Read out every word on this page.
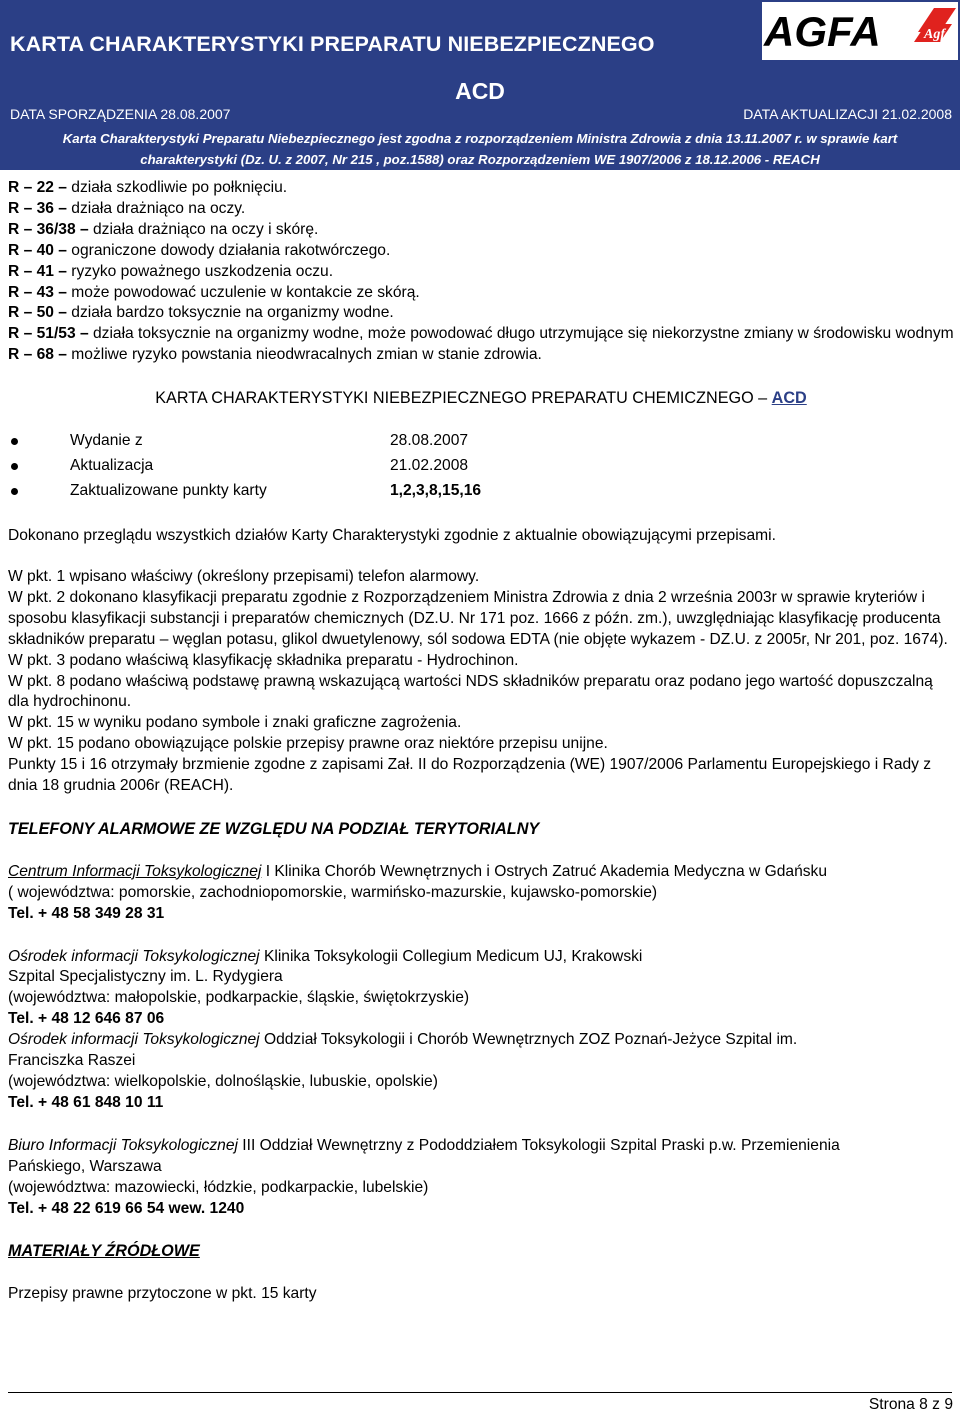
KARTA CHARAKTERYSTYKI PREPARATU NIEBEZPIECZNEGO
ACD
DATA SPORZĄDZENIA 28.08.2007	DATA AKTUALIZACJI 21.02.2008
Karta Charakterystyki Preparatu Niebezpiecznego jest zgodna z rozporządzeniem Ministra Zdrowia z dnia 13.11.2007 r. w sprawie kart
charakterystyki (Dz. U. z 2007, Nr 215 , poz.1588) oraz Rozporządzeniem WE 1907/2006 z 18.12.2006 - REACH
AGFA	Agfa
R – 22 – działa szkodliwie po połknięciu.
R – 36 – działa drażniąco na oczy.
R – 36/38 – działa drażniąco na oczy i skórę.
R – 40 – ograniczone dowody działania rakotwórczego.
R – 41 – ryzyko poważnego uszkodzenia oczu.
R – 43 – może powodować uczulenie w kontakcie ze skórą.
R – 50 – działa bardzo toksycznie na organizmy wodne.
R – 51/53 – działa toksycznie na organizmy wodne, może powodować długo utrzymujące się niekorzystne zmiany w środowisku wodnym
R – 68 – możliwe ryzyko powstania nieodwracalnych zmian w stanie zdrowia.
KARTA CHARAKTERYSTYKI NIEBEZPIECZNEGO PREPARATU CHEMICZNEGO – ACD
Wydanie z	28.08.2007
Aktualizacja	21.02.2008
Zaktualizowane punkty karty	1,2,3,8,15,16

Dokonano przeglądu wszystkich działów Karty Charakterystyki zgodnie z aktualnie obowiązującymi przepisami.

W pkt. 1 wpisano właściwy (określony przepisami) telefon alarmowy.

W pkt. 2 dokonano klasyfikacji preparatu zgodnie z Rozporządzeniem Ministra Zdrowia z dnia 2 września 2003r w sprawie kryteriów i sposobu klasyfikacji substancji i preparatów chemicznych (DZ.U. Nr 171 poz. 1666 z późn. zm.), uwzględniając klasyfikację producenta składników preparatu – węglan potasu, glikol dwuetylenowy, sól sodowa EDTA (nie objęte wykazem - DZ.U. z 2005r, Nr 201, poz. 1674).

W pkt. 3 podano właściwą klasyfikację składnika preparatu - Hydrochinon.

W pkt. 8 podano właściwą podstawę prawną wskazującą wartości NDS składników preparatu oraz podano jego wartość dopuszczalną dla hydrochinonu.

W pkt. 15 w wyniku podano symbole i znaki graficzne zagrożenia.

W pkt. 15 podano obowiązujące polskie przepisy prawne oraz niektóre przepisu unijne.

Punkty 15 i 16 otrzymały brzmienie zgodne z zapisami Zał. II do Rozporządzenia (WE) 1907/2006 Parlamentu Europejskiego i Rady z dnia 18 grudnia 2006r (REACH).

TELEFONY ALARMOWE ZE WZGLĘDU NA PODZIAŁ TERYTORIALNY

Centrum Informacji Toksykologicznej I Klinika Chorób Wewnętrznych i Ostrych Zatruć Akademia Medyczna w Gdańsku

( województwa: pomorskie, zachodniopomorskie, warmińsko-mazurskie, kujawsko-pomorskie)

Tel. + 48 58 349 28 31

Ośrodek informacji Toksykologicznej Klinika Toksykologii Collegium Medicum UJ, Krakowski Szpital Specjalistyczny im. L. Rydygiera

(województwa: małopolskie, podkarpackie, śląskie, świętokrzyskie)

Tel. + 48 12 646 87 06

Ośrodek informacji Toksykologicznej Oddział Toksykologii i Chorób Wewnętrznych ZOZ Poznań-Jeżyce Szpital im. Franciszka Raszei

(województwa: wielkopolskie, dolnośląskie, lubuskie, opolskie)

Tel. + 48 61 848 10 11

Biuro Informacji Toksykologicznej III Oddział Wewnętrzny z Pododdziałem Toksykologii Szpital Praski p.w. Przemienienia Pańskiego, Warszawa

(województwa: mazowiecki, łódzkie, podkarpackie, lubelskie)

Tel. + 48 22 619 66 54 wew. 1240

MATERIAŁY ŹRÓDŁOWE

Przepisy prawne przytoczone w pkt. 15 karty

Strona 8 z 9
